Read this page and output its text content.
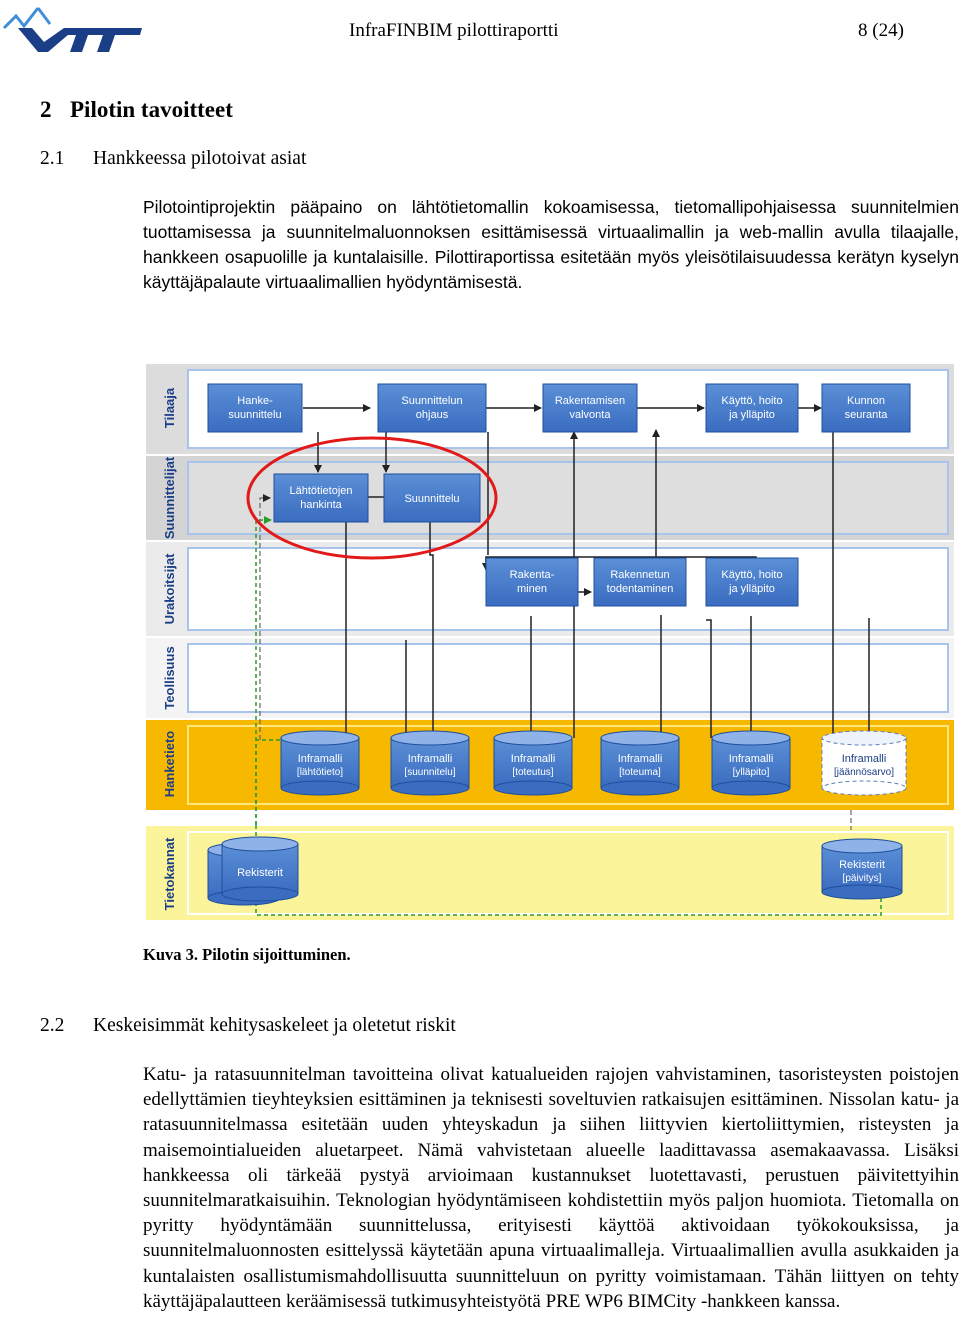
InfraFINBIM pilottiraportti	8 (24)
2 Pilotin tavoitteet
2.1 Hankkeessa pilotoivat asiat

Pilotointiprojektin pääpaino on lähtötietomallin kokoamisessa, tietomallipohjaisessa suunnitelmien tuottamisessa ja suunnitelmaluonnoksen esittämisessä virtuaalimallin ja web-mallin avulla tilaajalle, hankkeen osapuolille ja kuntalaisille. Pilottiraportissa esitetään myös yleisötilaisuudessa kerätyn kyselyn käyttäjäpalaute virtuaalimallien hyödyntämisestä.

Tilaaja
Suunnittelijat
Urakoitsijat
Teollisuus
Hanketieto
Tietokannat
Hanke-
suunnittelu
Suunnittelun
ohjaus
Rakentamisen
valvonta
Käyttö, hoito
ja ylläpito
Kunnon
seuranta
Lähtötietojen
hankinta	Suunnittelu
Rakenta-
minen
Rakennetun
todentaminen
Käyttö, hoito
ja ylläpito
Inframalli
[lähtötieto]
Inframalli
[suunnitelu]
Inframalli
[toteutus]
Inframalli
[toteuma]
Inframalli
[ylläpito]
Inframalli
[jäännösarvo]
Rekisterit
Rekisterit
[päivitys]
Kuva 3. Pilotin sijoittuminen.
2.2 Keskeisimmät kehitysaskeleet ja oletetut riskit

Katu- ja ratasuunnitelman tavoitteina olivat katualueiden rajojen vahvistaminen, tasoristeysten poistojen edellyttämien tieyhteyksien esittäminen ja teknisesti soveltuvien ratkaisujen esittäminen. Nissolan katu- ja ratasuunnitelmassa esitetään uuden yhteyskadun ja siihen liittyvien kiertoliittymien, risteysten ja maisemointialueiden aluetarpeet. Nämä vahvistetaan alueelle laadittavassa asemakaavassa. Lisäksi hankkeessa oli tärkeää pystyä arvioimaan kustannukset luotettavasti, perustuen päivitettyihin suunnitelmaratkaisuihin. Teknologian hyödyntämiseen kohdistettiin myös paljon huomiota. Tietomalla on pyritty hyödyntämään suunnittelussa, erityisesti käyttöä aktivoidaan työkokouksissa, ja suunnitelmaluonnosten esittelyssä käytetään apuna virtuaalimalleja. Virtuaalimallien avulla asukkaiden ja kuntalaisten osallistumismahdollisuutta suunnitteluun on pyritty voimistamaan. Tähän liittyen on tehty käyttäjäpalautteen keräämisessä tutkimusyhteistyötä PRE WP6 BIMCity -hankkeen kanssa.
